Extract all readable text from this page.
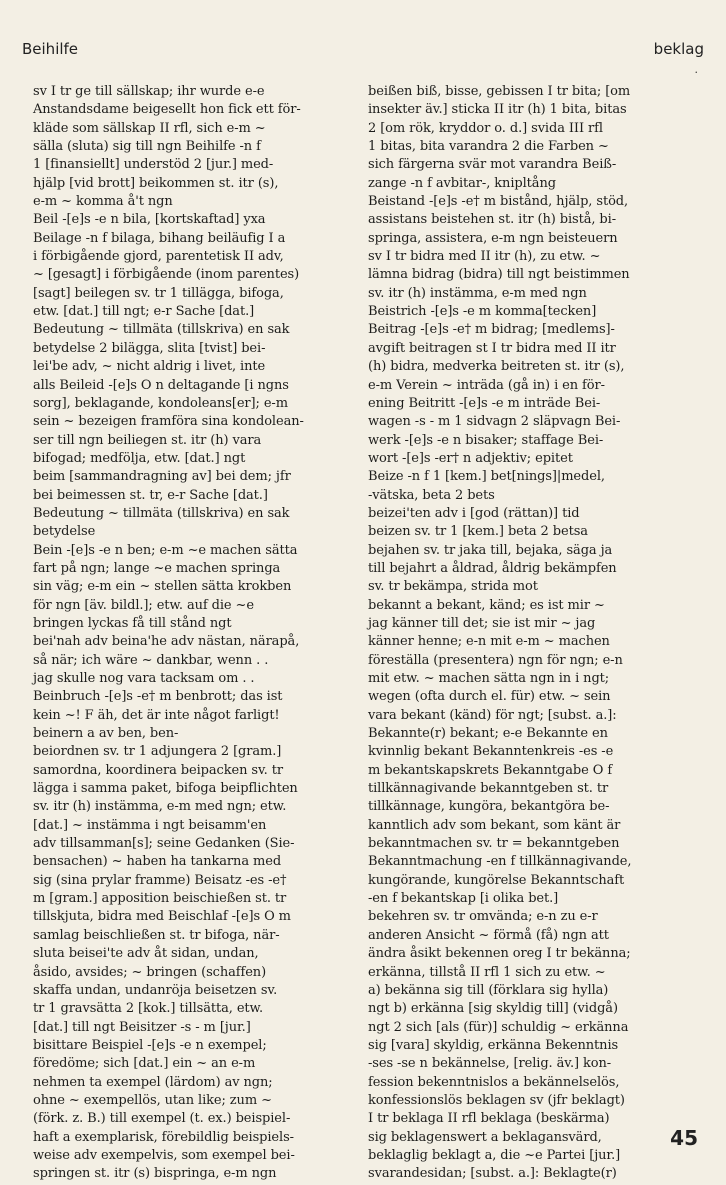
Beihilfe	beklag
·
sv I tr ge till sällskap; ihr wurde e-e
Anstandsdame beigesellt hon fick ett för-
kläde som sällskap II rfl, sich e-m ~
sälla (sluta) sig till ngn Beihilfe -n f
1 [finansiellt] understöd 2 [jur.] med-
hjälp [vid brott] beikommen st. itr (s),
e-m ~ komma å't ngn
Beil -[e]s -e n bila, [kortskaftad] yxa
Beilage -n f bilaga, bihang beiläufig I a
i förbigående gjord, parentetisk II adv,
~ [gesagt] i förbigående (inom parentes)
[sagt] beilegen sv. tr 1 tillägga, bifoga,
etw. [dat.] till ngt; e-r Sache [dat.]
Bedeutung ~ tillmäta (tillskriva) en sak
betydelse 2 bilägga, slita [tvist] bei-
lei'be adv, ~ nicht aldrig i livet, inte
alls Beileid -[e]s O n deltagande [i ngns
sorg], beklagande, kondoleans[er]; e-m
sein ~ bezeigen framföra sina kondolean-
ser till ngn beiliegen st. itr (h) vara
bifogad; medfölja, etw. [dat.] ngt
beim [sammandragning av] bei dem; jfr
bei beimessen st. tr, e-r Sache [dat.]
Bedeutung ~ tillmäta (tillskriva) en sak
betydelse
Bein -[e]s -e n ben; e-m ~e machen sätta
fart på ngn; lange ~e machen springa
sin väg; e-m ein ~ stellen sätta krokben
för ngn [äv. bildl.]; etw. auf die ~e
bringen lyckas få till stånd ngt
bei'nah adv beina'he adv nästan, närapå,
så när; ich wäre ~ dankbar, wenn . .
jag skulle nog vara tacksam om . .
Beinbruch -[e]s -e† m benbrott; das ist
kein ~! F äh, det är inte något farligt!
beinern a av ben, ben-
beiordnen sv. tr 1 adjungera 2 [gram.]
samordna, koordinera beipacken sv. tr
lägga i samma paket, bifoga beipflichten
sv. itr (h) instämma, e-m med ngn; etw.
[dat.] ~ instämma i ngt beisamm'en
adv tillsamman[s]; seine Gedanken (Sie-
bensachen) ~ haben ha tankarna med
sig (sina prylar framme) Beisatz -es -e†
m [gram.] apposition beischießen st. tr
tillskjuta, bidra med Beischlaf -[e]s O m
samlag beischließen st. tr bifoga, när-
sluta beisei'te adv åt sidan, undan,
åsido, avsides; ~ bringen (schaffen)
skaffa undan, undanröja beisetzen sv.
tr 1 gravsätta 2 [kok.] tillsätta, etw.
[dat.] till ngt Beisitzer -s - m [jur.]
bisittare Beispiel -[e]s -e n exempel;
föredöme; sich [dat.] ein ~ an e-m
nehmen ta exempel (lärdom) av ngn;
ohne ~ exempellös, utan like; zum ~
(förk. z. B.) till exempel (t. ex.) beispiel-
haft a exemplarisk, förebildlig beispiels-
weise adv exempelvis, som exempel bei-
springen st. itr (s) bispringa, e-m ngn
beißen biß, bisse, gebissen I tr bita; [om
insekter äv.] sticka II itr (h) 1 bita, bitas
2 [om rök, kryddor o. d.] svida III rfl
1 bitas, bita varandra 2 die Farben ~
sich färgerna svär mot varandra Beiß-
zange -n f avbitar-, knipltång
Beistand -[e]s -e† m bistånd, hjälp, stöd,
assistans beistehen st. itr (h) bistå, bi-
springa, assistera, e-m ngn beisteuern
sv I tr bidra med II itr (h), zu etw. ~
lämna bidrag (bidra) till ngt beistimmen
sv. itr (h) instämma, e-m med ngn
Beistrich -[e]s -e m komma[tecken]
Beitrag -[e]s -e† m bidrag; [medlems]-
avgift beitragen st I tr bidra med II itr
(h) bidra, medverka beitreten st. itr (s),
e-m Verein ~ inträda (gå in) i en för-
ening Beitritt -[e]s -e m inträde Bei-
wagen -s - m 1 sidvagn 2 släpvagn Bei-
werk -[e]s -e n bisaker; staffage Bei-
wort -[e]s -er† n adjektiv; epitet
Beize -n f 1 [kem.] bet[nings]|medel,
-vätska, beta 2 bets
beizei'ten adv i [god (rättan)] tid
beizen sv. tr 1 [kem.] beta 2 betsa
bejahen sv. tr jaka till, bejaka, säga ja
till bejahrt a åldrad, åldrig bekämpfen
sv. tr bekämpa, strida mot
bekannt a bekant, känd; es ist mir ~
jag känner till det; sie ist mir ~ jag
känner henne; e-n mit e-m ~ machen
föreställa (presentera) ngn för ngn; e-n
mit etw. ~ machen sätta ngn in i ngt;
wegen (ofta durch el. für) etw. ~ sein
vara bekant (känd) för ngt; [subst. a.]:
Bekannte(r) bekant; e-e Bekannte en
kvinnlig bekant Bekanntenkreis -es -e
m bekantskapskrets Bekanntgabe O f
tillkännagivande bekanntgeben st. tr
tillkännage, kungöra, bekantgöra be-
kanntlich adv som bekant, som känt är
bekanntmachen sv. tr = bekanntgeben
Bekanntmachung -en f tillkännagivande,
kungörande, kungörelse Bekanntschaft
-en f bekantskap [i olika bet.]
bekehren sv. tr omvända; e-n zu e-r
anderen Ansicht ~ förmå (få) ngn att
ändra åsikt bekennen oreg I tr bekänna;
erkänna, tillstå II rfl 1 sich zu etw. ~
a) bekänna sig till (förklara sig hylla)
ngt b) erkänna [sig skyldig till] (vidgå)
ngt 2 sich [als (für)] schuldig ~ erkänna
sig [vara] skyldig, erkänna Bekenntnis
-ses -se n bekännelse, [relig. äv.] kon-
fession bekenntnislos a bekännelselös,
konfessionslös beklagen sv (jfr beklagt)
I tr beklaga II rfl beklaga (beskärma)
sig beklagenswert a beklagansvärd,
beklaglig beklagt a, die ~e Partei [jur.]
svarandesidan; [subst. a.]: Beklagte(r)
45
